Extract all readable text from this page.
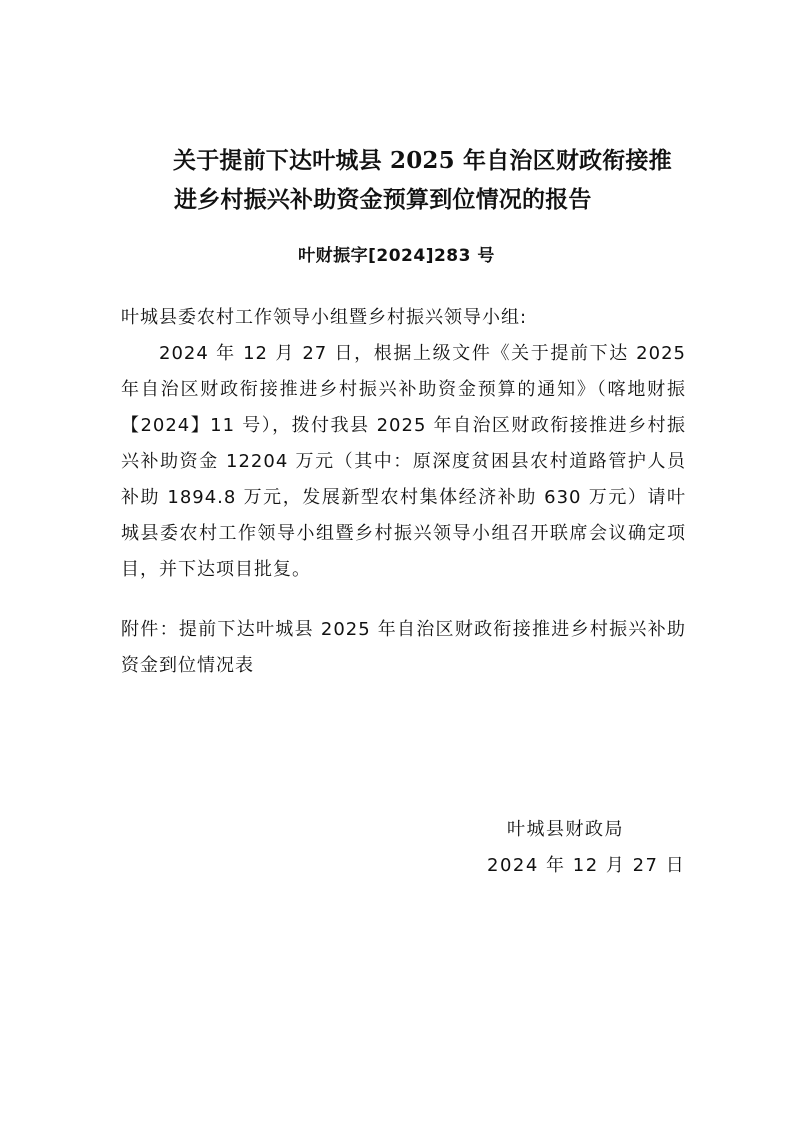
关于提前下达叶城县 2025 年自治区财政衔接推
进乡村振兴补助资金预算到位情况的报告
叶财振字[2024]283 号

叶城县委农村工作领导小组暨乡村振兴领导小组:

2024 年 12 月 27 日，根据上级文件《关于提前下达 2025 年自治区财政衔接推进乡村振兴补助资金预算的通知》（喀地财振【2024】11 号），拨付我县 2025 年自治区财政衔接推进乡村振兴补助资金 12204 万元（其中：原深度贫困县农村道路管护人员补助 1894.8 万元，发展新型农村集体经济补助 630 万元）请叶城县委农村工作领导小组暨乡村振兴领导小组召开联席会议确定项目，并下达项目批复。

附件：提前下达叶城县 2025 年自治区财政衔接推进乡村振兴补助资金到位情况表

叶城县财政局
2024 年 12 月 27 日
